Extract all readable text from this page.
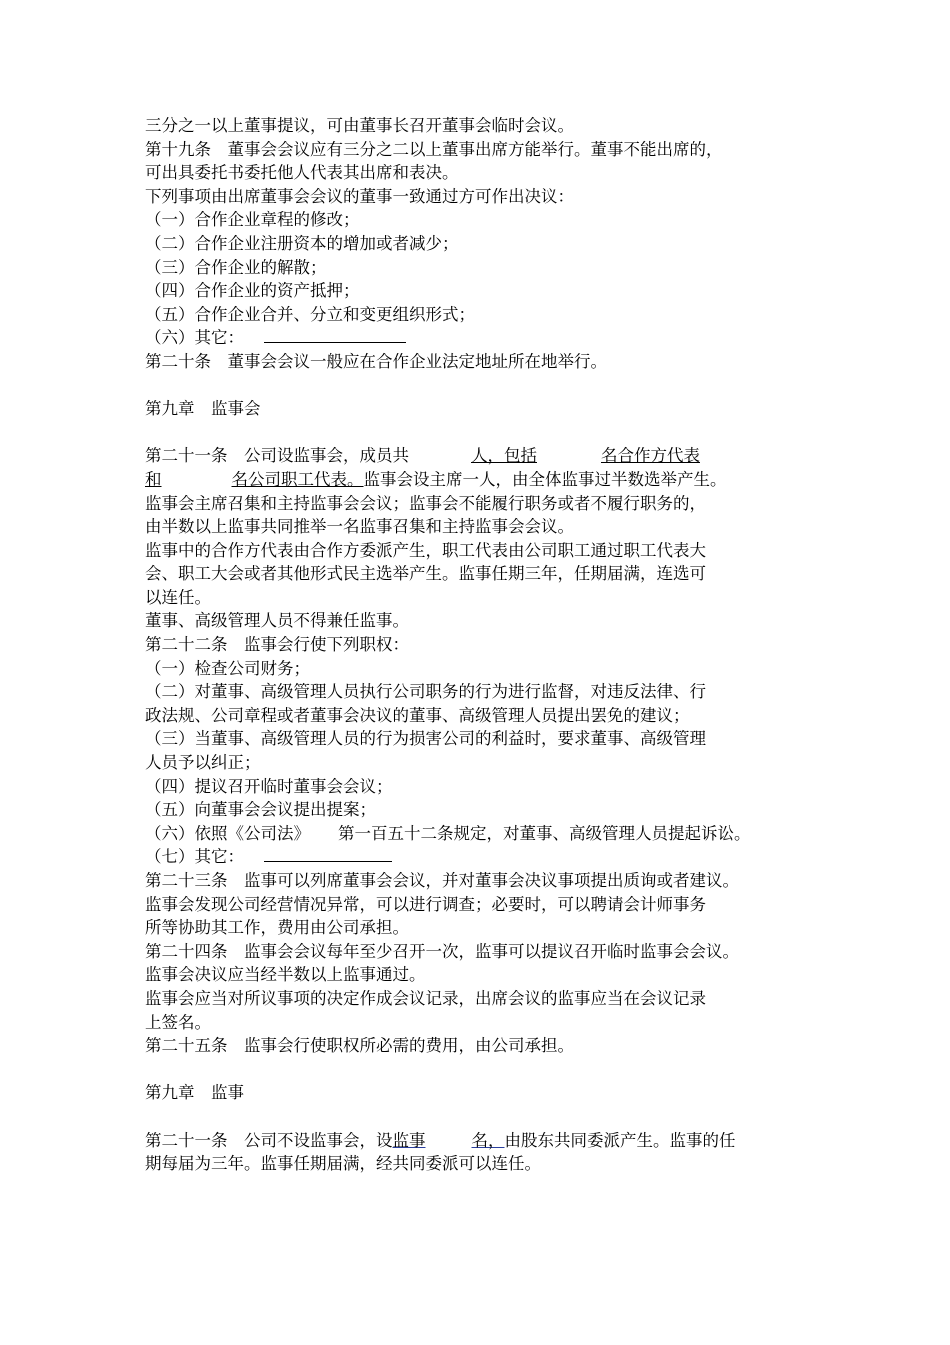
三分之一以上董事提议，可由董事长召开董事会临时会议。
第十九条　董事会会议应有三分之二以上董事出席方能举行。董事不能出席的，
可出具委托书委托他人代表其出席和表决。
下列事项由出席董事会会议的董事一致通过方可作出决议：
（一）合作企业章程的修改；
（二）合作企业注册资本的增加或者减少；
（三）合作企业的解散；
（四）合作企业的资产抵押；
（五）合作企业合并、分立和变更组织形式；
（六）其它：
第二十条　董事会会议一般应在合作企业法定地址所在地举行。
第九章　监事会
第二十一条　公司设监事会，成员共	人，包括	名合作方代表
和	名公司职工代表。监事会设主席一人，由全体监事过半数选举产生。
监事会主席召集和主持监事会会议；监事会不能履行职务或者不履行职务的，
由半数以上监事共同推举一名监事召集和主持监事会会议。
监事中的合作方代表由合作方委派产生，职工代表由公司职工通过职工代表大
会、职工大会或者其他形式民主选举产生。监事任期三年，任期届满，连选可
以连任。
董事、高级管理人员不得兼任监事。
第二十二条　监事会行使下列职权：
（一）检查公司财务；
（二）对董事、高级管理人员执行公司职务的行为进行监督，对违反法律、行
政法规、公司章程或者董事会决议的董事、高级管理人员提出罢免的建议；
（三）当董事、高级管理人员的行为损害公司的利益时，要求董事、高级管理
人员予以纠正；
（四）提议召开临时董事会会议；
（五）向董事会会议提出提案；
（六）依照《公司法》 第一百五十二条规定，对董事、高级管理人员提起诉讼。
（七）其它：
第二十三条　监事可以列席董事会会议，并对董事会决议事项提出质询或者建议。
监事会发现公司经营情况异常，可以进行调查；必要时，可以聘请会计师事务
所等协助其工作，费用由公司承担。
第二十四条　监事会会议每年至少召开一次，监事可以提议召开临时监事会会议。
监事会决议应当经半数以上监事通过。
监事会应当对所议事项的决定作成会议记录，出席会议的监事应当在会议记录
上签名。
第二十五条　监事会行使职权所必需的费用，由公司承担。
第九章　监事
第二十一条　公司不设监事会，设监事	名，由股东共同委派产生。监事的任
期每届为三年。监事任期届满，经共同委派可以连任。
